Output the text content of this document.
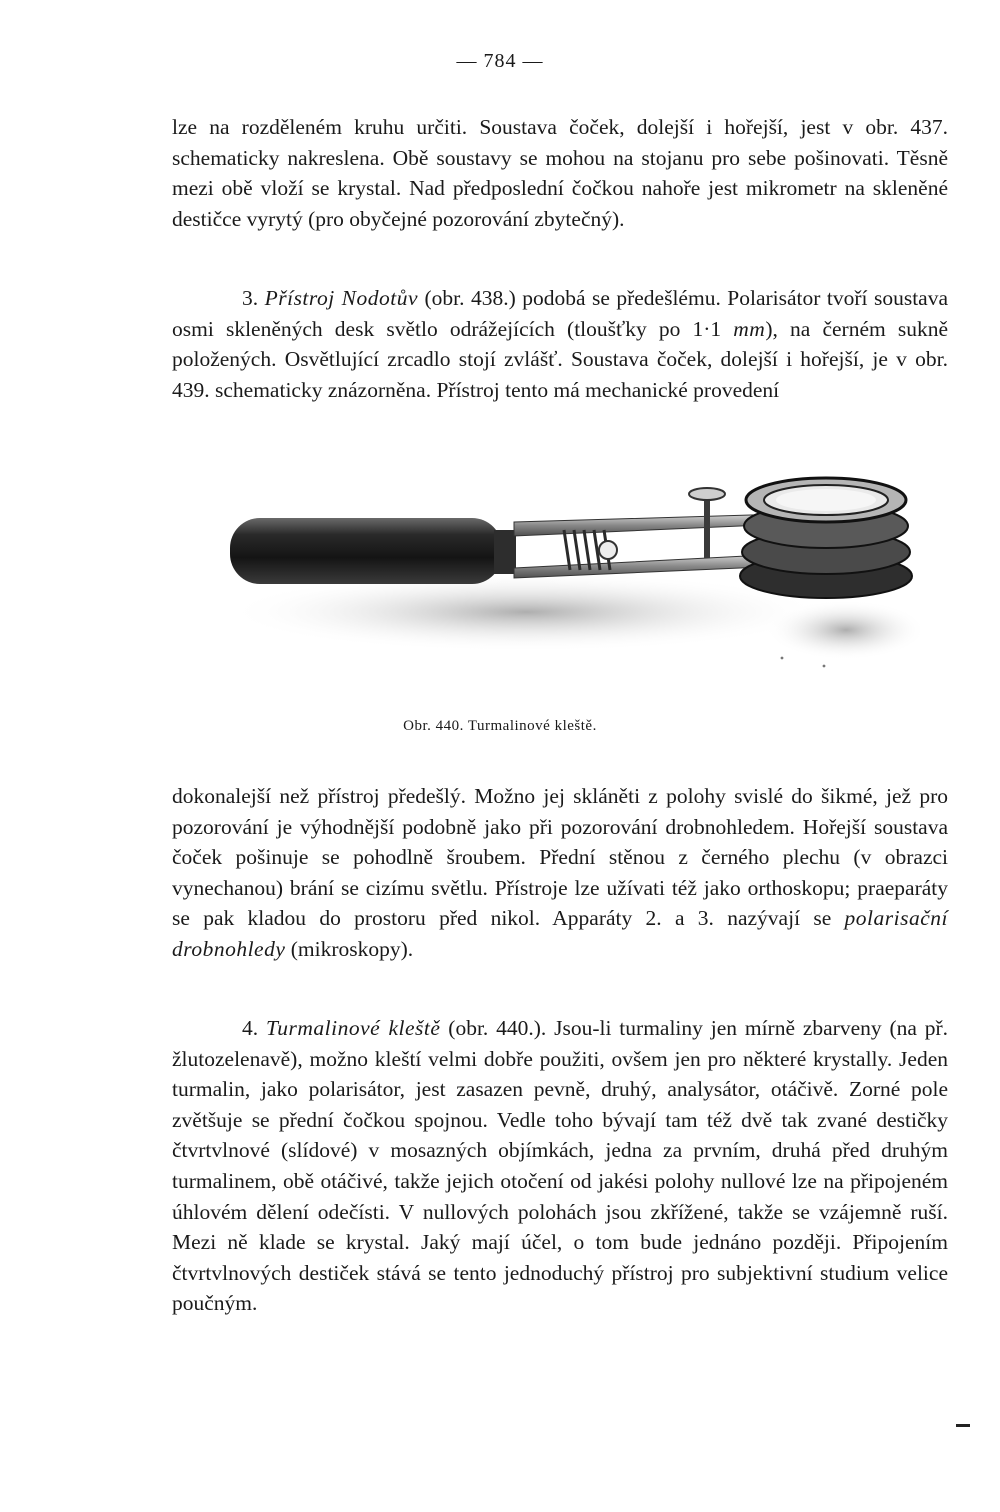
— 784 —

lze na rozděleném kruhu určiti. Soustava čoček, dolejší i hořejší, jest v obr. 437. schematicky nakreslena. Obě soustavy se mohou na stojanu pro sebe pošinovati. Těsně mezi obě vloží se krystal. Nad předposlední čočkou nahoře jest mikrometr na skleněné destičce vyrytý (pro obyčejné pozorování zbytečný).

3. Přístroj Nodotův (obr. 438.) podobá se předešlému. Polarisátor tvoří soustava osmi skleněných desk světlo odrážejících (tloušťky po 1·1 mm), na černém sukně položených. Osvětlující zrcadlo stojí zvlášť. Soustava čoček, dolejší i hořejší, je v obr. 439. schematicky znázorněna. Přístroj tento má mechanické provedení

Obr. 440. Turmalinové kleště.

dokonalejší než přístroj předešlý. Možno jej skláněti z polohy svislé do šikmé, jež pro pozorování je výhodnější podobně jako při pozorování drobnohledem. Hořejší soustava čoček pošinuje se pohodlně šroubem. Přední stěnou z černého plechu (v obrazci vynechanou) brání se cizímu světlu. Přístroje lze užívati též jako orthoskopu; praeparáty se pak kladou do prostoru před nikol. Apparáty 2. a 3. nazývají se polarisační drobnohledy (mikroskopy).

4. Turmalinové kleště (obr. 440.). Jsou-li turmaliny jen mírně zbarveny (na př. žlutozelenavě), možno kleští velmi dobře použiti, ovšem jen pro některé krystally. Jeden turmalin, jako polarisátor, jest zasazen pevně, druhý, analysátor, otáčivě. Zorné pole zvětšuje se přední čočkou spojnou. Vedle toho bývají tam též dvě tak zvané destičky čtvrtvlnové (slídové) v mosazných objímkách, jedna za prvním, druhá před druhým turmalinem, obě otáčivé, takže jejich otočení od jakési polohy nullové lze na připojeném úhlovém dělení odečísti. V nullových polohách jsou zkřížené, takže se vzájemně ruší. Mezi ně klade se krystal. Jaký mají účel, o tom bude jednáno později. Připojením čtvrtvlnových destiček stává se tento jednoduchý přístroj pro subjektivní studium velice poučným.
